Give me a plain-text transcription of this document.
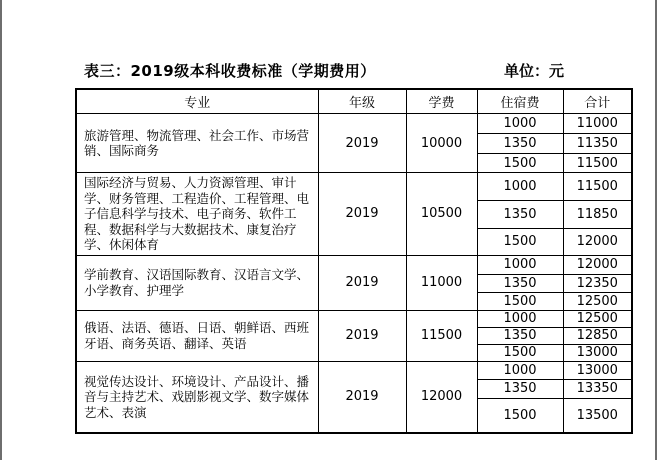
表三：2019级本科收费标准（学期费用）	单位：元
专业	年级	学费	住宿费	合计
旅游管理、物流管理、社会工作、市场营销、国际商务	2019	10000	1000	11000
			1350	11350
			1500	11500
国际经济与贸易、人力资源管理、审计学、财务管理、工程造价、工程管理、电子信息科学与技术、电子商务、软件工程、数据科学与大数据技术、康复治疗学、休闲体育	2019	10500	1000	11500
			1350	11850
			1500	12000
学前教育、汉语国际教育、汉语言文学、小学教育、护理学	2019	11000	1000	12000
			1350	12350
			1500	12500
俄语、法语、德语、日语、朝鲜语、西班牙语、商务英语、翻译、英语	2019	11500	1000	12500
			1350	12850
			1500	13000
视觉传达设计、环境设计、产品设计、播音与主持艺术、戏剧影视文学、数字媒体艺术、表演	2019	12000	1000	13000
			1350	13350
			1500	13500
